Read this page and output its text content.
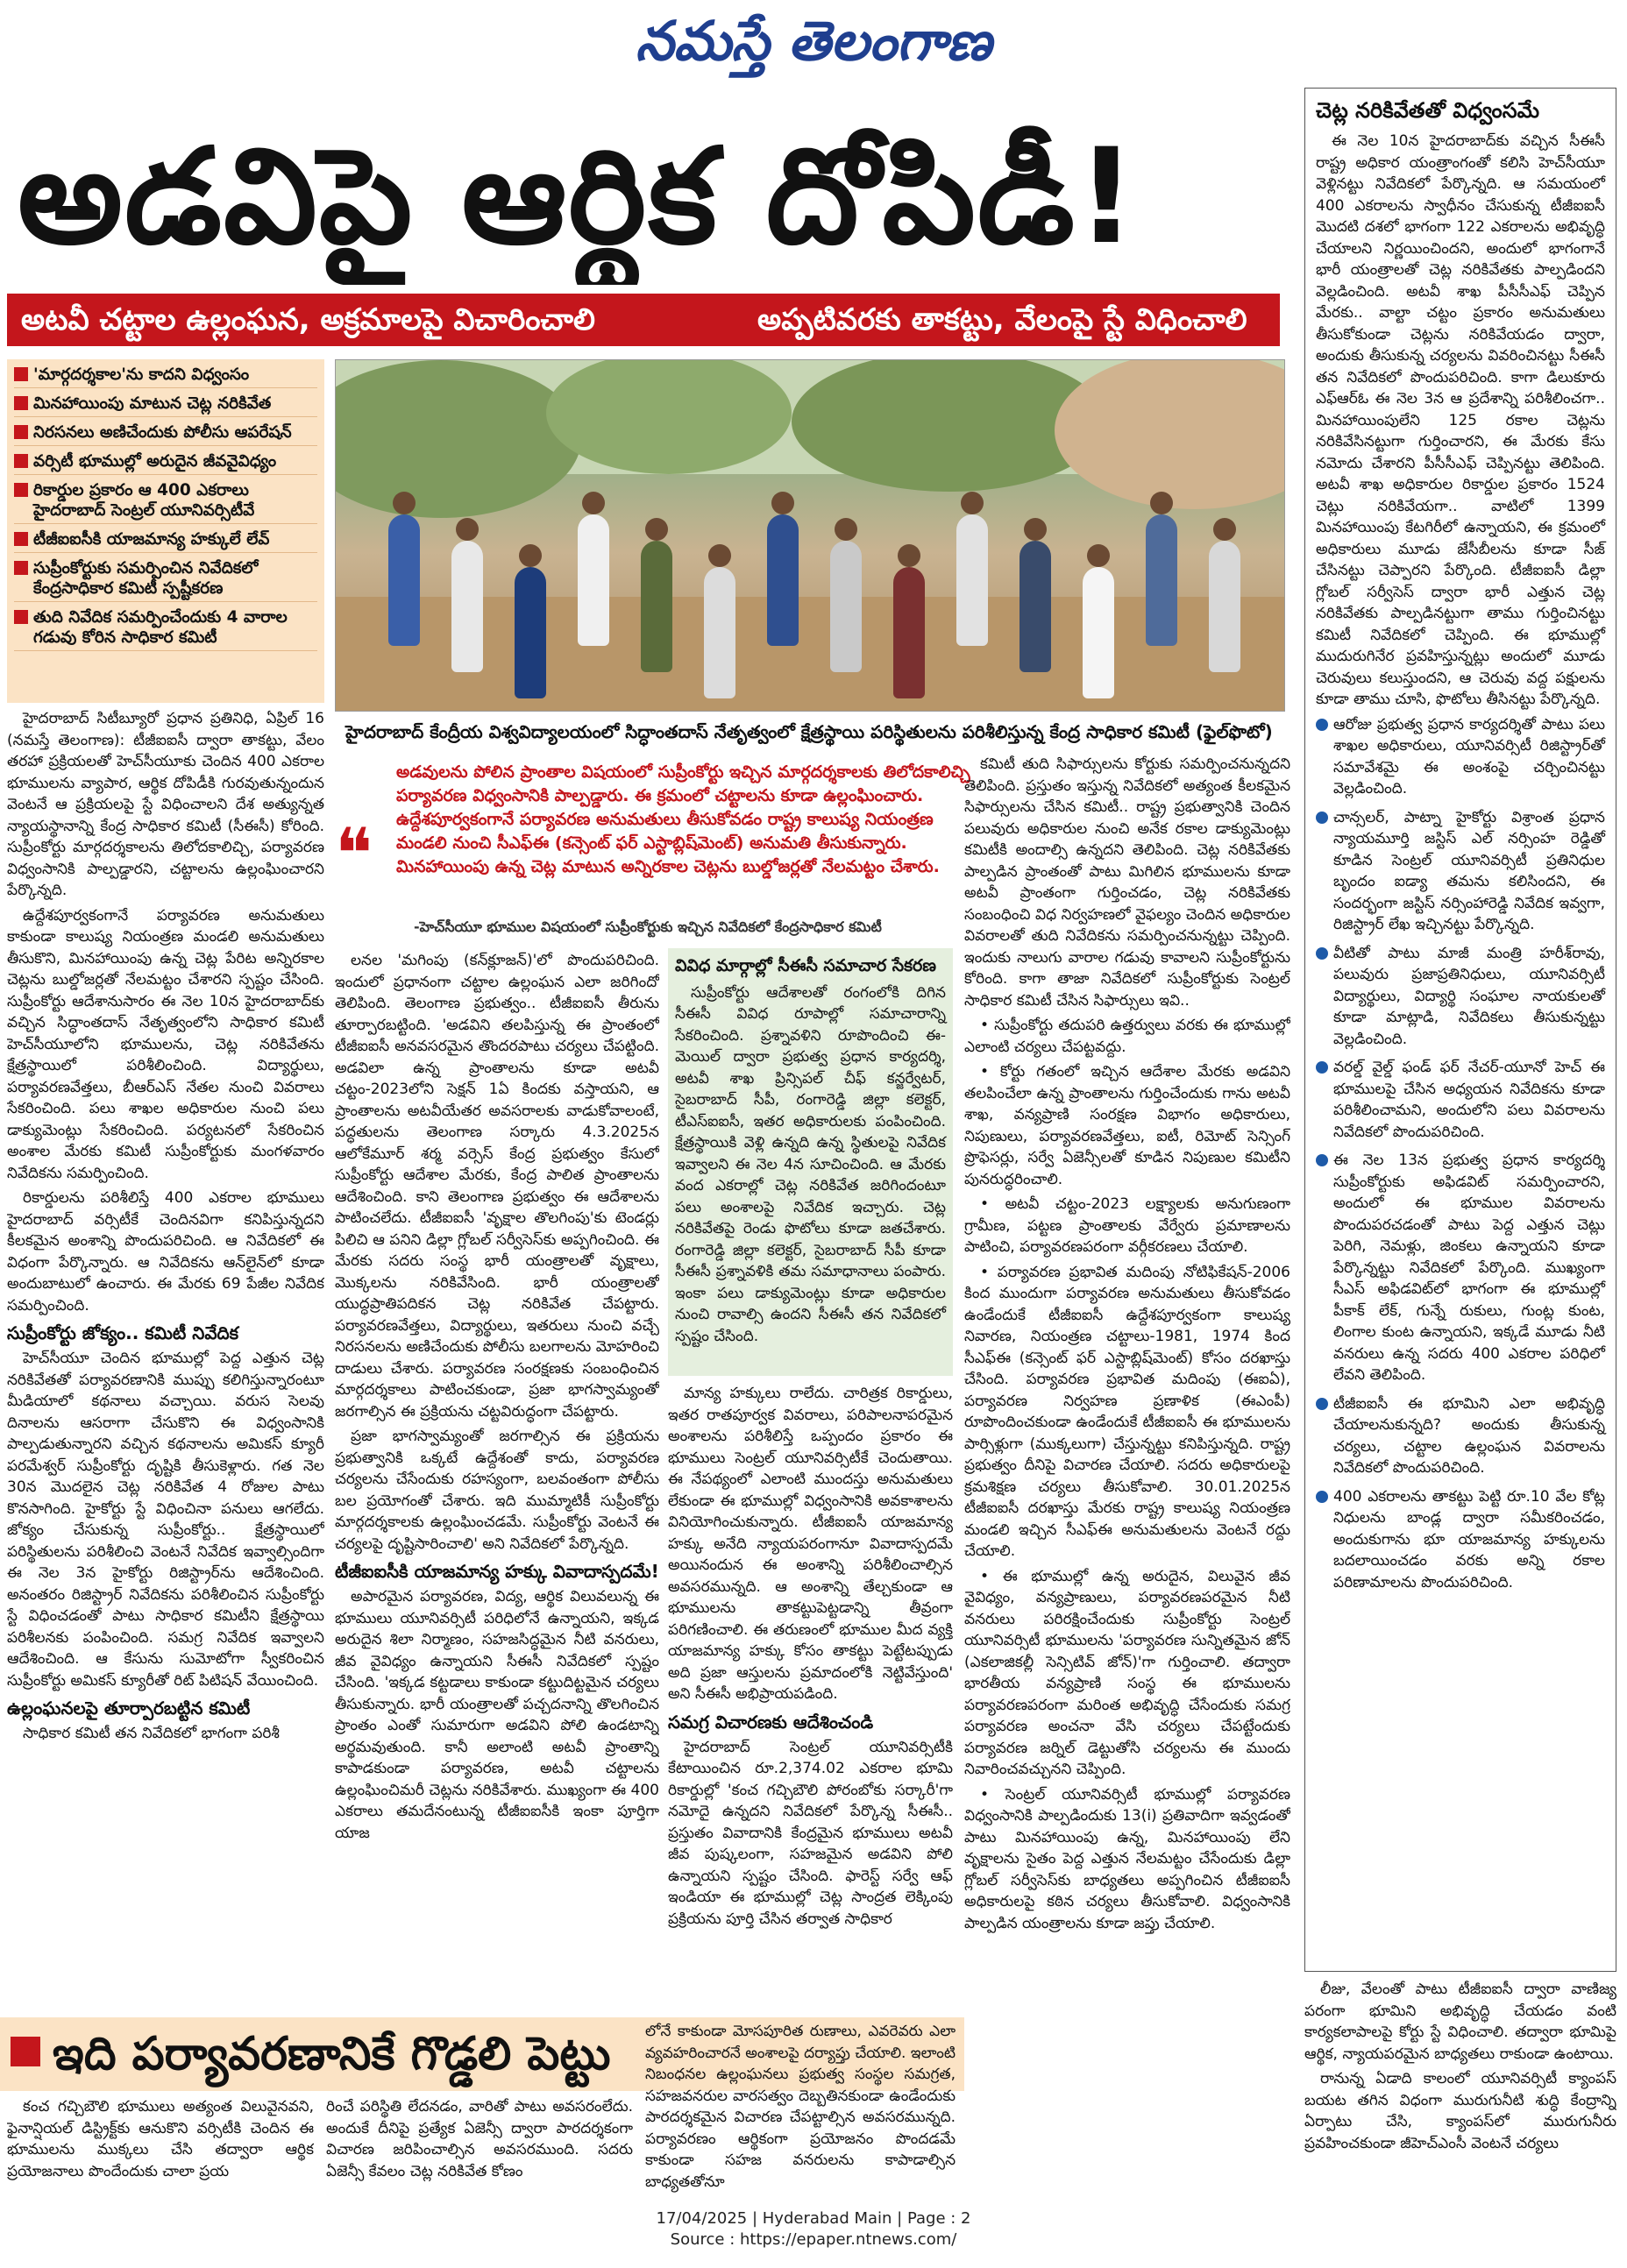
నమస్తే తెలంగాణ
అడవిపై ఆర్థిక దోపిడీ!
అటవీ చట్టాల ఉల్లంఘన, అక్రమాలపై విచారించాలి	అప్పటివరకు తాకట్టు, వేలంపై స్టే విధించాలి
'మార్గదర్శకాల'ను కాదని విధ్వంసం
మినహాయింపు మాటున చెట్ల నరికివేత
నిరసనలు అణిచేందుకు పోలీసు ఆపరేషన్
వర్సిటీ భూముల్లో అరుదైన జీవవైవిధ్యం
రికార్డుల ప్రకారం ఆ 400 ఎకరాలు హైదరాబాద్ సెంట్రల్ యూనివర్సిటీవే
టీజీఐఐసీకి యాజమాన్య హక్కులే లేవ్
సుప్రీంకోర్టుకు సమర్పించిన నివేదికలో కేంద్రసాధికార కమిటీ స్పష్టీకరణ
తుది నివేదిక సమర్పించేందుకు 4 వారాల గడువు కోరిన సాధికార కమిటీ
హైదరాబాద్ కేంద్రీయ విశ్వవిద్యాలయంలో సిద్ధాంతదాస్ నేతృత్వంలో క్షేత్రస్థాయి పరిస్థితులను పరిశీలిస్తున్న కేంద్ర సాధికార కమిటీ (ఫైల్‌ఫొటో)
❝
అడవులను పోలిన ప్రాంతాల విషయంలో సుప్రీంకోర్టు ఇచ్చిన మార్గదర్శకాలకు తిలోదకాలిచ్చి పర్యావరణ విధ్వంసానికి పాల్పడ్డారు. ఈ క్రమంలో చట్టాలను కూడా ఉల్లంఘించారు. ఉద్దేశపూర్వకంగానే పర్యావరణ అనుమతులు తీసుకోవడం రాష్ట్ర కాలుష్య నియంత్రణ మండలి నుంచి సీఎఫ్‌ఈ (కన్సెంట్ ఫర్ ఎస్టాబ్లిష్‌మెంట్) అనుమతి తీసుకున్నారు. మినహాయింపు ఉన్న చెట్ల మాటున అన్నిరకాల చెట్లను బుల్డోజర్లతో నేలమట్టం చేశారు.
-హెచ్‌సీయూ భూముల విషయంలో సుప్రీంకోర్టుకు ఇచ్చిన నివేదికలో కేంద్రసాధికార కమిటీ

హైదరాబాద్ సిటీబ్యూరో ప్రధాన ప్రతినిధి, ఏప్రిల్ 16 (నమస్తే తెలంగాణ): టీజీఐఐసీ ద్వారా తాకట్టు, వేలం తరహా ప్రక్రియలతో హెచ్‌సీయూకు చెందిన 400 ఎకరాల భూములను వ్యాపార, ఆర్థిక దోపిడీకి గురవుతున్నందున వెంటనే ఆ ప్రక్రియలపై స్టే విధించాలని దేశ అత్యున్నత న్యాయస్థానాన్ని కేంద్ర సాధికార కమిటీ (సీఈసీ) కోరింది. సుప్రీంకోర్టు మార్గదర్శకాలను తిలోదకాలిచ్చి, పర్యావరణ విధ్వంసానికి పాల్పడ్డారని, చట్టాలను ఉల్లంఘించారని పేర్కొన్నది.

ఉద్దేశపూర్వకంగానే పర్యావరణ అనుమతులు కాకుండా కాలుష్య నియంత్రణ మండలి అనుమతులు తీసుకొని, మినహాయింపు ఉన్న చెట్ల పేరిట అన్నిరకాల చెట్లను బుల్డోజర్లతో నేలమట్టం చేశారని స్పష్టం చేసింది. సుప్రీంకోర్టు ఆదేశానుసారం ఈ నెల 10న హైదరాబాద్‌కు వచ్చిన సిద్ధాంతదాస్ నేతృత్వంలోని సాధికార కమిటీ హెచ్‌సీయూలోని భూములను, చెట్ల నరికివేతను క్షేత్రస్థాయిలో పరిశీలించింది. విద్యార్థులు, పర్యావరణవేత్తలు, బీఆర్ఎస్ నేతల నుంచి వివరాలు సేకరించింది. పలు శాఖల అధికారుల నుంచి పలు డాక్యుమెంట్లు సేకరించింది. పర్యటనలో సేకరించిన అంశాల మేరకు కమిటీ సుప్రీంకోర్టుకు మంగళవారం నివేదికను సమర్పించింది.

రికార్డులను పరిశీలిస్తే 400 ఎకరాల భూములు హైదరాబాద్ వర్సిటీకే చెందినవిగా కనిపిస్తున్నదని కీలకమైన అంశాన్ని పొందుపరిచింది. ఆ నివేదికలో ఈ విధంగా పేర్కొన్నారు. ఆ నివేదికను ఆన్‌లైన్‌లో కూడా అందుబాటులో ఉంచారు. ఈ మేరకు 69 పేజీల నివేదిక సమర్పించింది.

సుప్రీంకోర్టు జోక్యం.. కమిటీ నివేదిక

హెచ్‌సీయూ చెందిన భూముల్లో పెద్ద ఎత్తున చెట్ల నరికివేతతో పర్యావరణానికి ముప్పు కలిగిస్తున్నారంటూ మీడియాలో కథనాలు వచ్చాయి. వరుస సెలవు దినాలను ఆసరాగా చేసుకొని ఈ విధ్వంసానికి పాల్పడుతున్నారని వచ్చిన కథనాలను అమికస్ క్యూరీ పరమేశ్వర్ సుప్రీంకోర్టు దృష్టికి తీసుకెళ్లారు. గత నెల 30న మొదలైన చెట్ల నరికివేత 4 రోజుల పాటు కొనసాగింది. హైకోర్టు స్టే విధించినా పనులు ఆగలేదు. జోక్యం చేసుకున్న సుప్రీంకోర్టు.. క్షేత్రస్థాయిలో పరిస్థితులను పరిశీలించి వెంటనే నివేదిక ఇవ్వాల్సిందిగా ఈ నెల 3న హైకోర్టు రిజిస్ట్రార్‌ను ఆదేశించింది. అనంతరం రిజిస్ట్రార్ నివేదికను పరిశీలించిన సుప్రీంకోర్టు స్టే విధించడంతో పాటు సాధికార కమిటీని క్షేత్రస్థాయి పరిశీలనకు పంపించింది. సమగ్ర నివేదిక ఇవ్వాలని ఆదేశించింది. ఆ కేసును సుమోటోగా స్వీకరించిన సుప్రీంకోర్టు అమికస్ క్యూరీతో రిట్ పిటిషన్ వేయించింది.

ఉల్లంఘనలపై తూర్పారబట్టిన కమిటీ

సాధికార కమిటీ తన నివేదికలో భాగంగా పరిశీ

లనల 'మగింపు (కన్‌క్లూజన్)'లో పొందుపరిచింది. ఇందులో ప్రధానంగా చట్టాల ఉల్లంఘన ఎలా జరిగిందో తెలిపింది. తెలంగాణ ప్రభుత్వం.. టీజీఐఐసీ తీరును తూర్పారబట్టింది. 'అడవిని తలపిస్తున్న ఈ ప్రాంతంలో టీజీఐఐసీ అనవసరమైన తొందరపాటు చర్యలు చేపట్టింది. అడవిలా ఉన్న ప్రాంతాలను కూడా అటవీ చట్టం-2023లోని సెక్షన్ 1ఏ కిందకు వస్తాయని, ఆ ప్రాంతాలను అటవీయేతర అవసరాలకు వాడుకోవాలంటే, పద్ధతులను తెలంగాణ సర్కారు 4.3.2025న ఆలోకేమూర్ శర్మ వర్సెస్ కేంద్ర ప్రభుత్వం కేసులో సుప్రీంకోర్టు ఆదేశాల మేరకు, కేంద్ర పాలిత ప్రాంతాలను ఆదేశించింది. కాని తెలంగాణ ప్రభుత్వం ఈ ఆదేశాలను పాటించలేదు. టీజీఐఐసీ 'వృక్షాల తొలగింపు'కు టెండర్లు పిలిచి ఆ పనిని డిల్లా గ్లోబల్ సర్వీసెస్‌కు అప్పగించింది. ఈ మేరకు సదరు సంస్థ భారీ యంత్రాలతో వృక్షాలు, మొక్కలను నరికివేసింది. భారీ యంత్రాలతో యుద్ధప్రాతిపదికన చెట్ల నరికివేత చేపట్టారు. పర్యావరణవేత్తలు, విద్యార్థులు, ఇతరులు నుంచి వచ్చే నిరసనలను అణిచేందుకు పోలీసు బలగాలను మోహరించి దాడులు చేశారు. పర్యావరణ సంరక్షణకు సంబంధించిన మార్గదర్శకాలు పాటించకుండా, ప్రజా భాగస్వామ్యంతో జరగాల్సిన ఈ ప్రక్రియను చట్టవిరుద్ధంగా చేపట్టారు.

ప్రజా భాగస్వామ్యంతో జరగాల్సిన ఈ ప్రక్రియను ప్రభుత్వానికి ఒక్కటే ఉద్దేశంతో కాదు, పర్యావరణ చర్యలను చేసేందుకు రహస్యంగా, బలవంతంగా పోలీసు బల ప్రయోగంతో చేశారు. ఇది ముమ్మాటికీ సుప్రీంకోర్టు మార్గదర్శకాలకు ఉల్లంఘించడమే. సుప్రీంకోర్టు వెంటనే ఈ చర్యలపై దృష్టిసారించాలి' అని నివేదికలో పేర్కొన్నది.

టీజీఐఐసీకి యాజమాన్య హక్కు వివాదాస్పదమే!

అపారమైన పర్యావరణ, విద్య, ఆర్థిక విలువలున్న ఈ భూములు యూనివర్సిటీ పరిధిలోనే ఉన్నాయని, ఇక్కడ అరుదైన శిలా నిర్మాణం, సహజసిద్ధమైన నీటి వనరులు, జీవ వైవిధ్యం ఉన్నాయని సీఈసీ నివేదికలో స్పష్టం చేసింది. 'ఇక్కడ కట్టడాలు కాకుండా కట్టుదిట్టమైన చర్యలు తీసుకున్నారు. భారీ యంత్రాలతో పచ్చదనాన్ని తొలగించిన ప్రాంతం ఎంతో సుమారుగా అడవిని పోలి ఉండటాన్ని అర్థమవుతుంది. కానీ అలాంటి అటవీ ప్రాంతాన్ని కాపాడకుండా పర్యావరణ, అటవీ చట్టాలను ఉల్లంఘించిమరీ చెట్లను నరికివేశారు. ముఖ్యంగా ఈ 400 ఎకరాలు తమదేనంటున్న టీజీఐఐసీకి ఇంకా పూర్తిగా యాజ

వివిధ మార్గాల్లో సీఈసీ సమాచార సేకరణ
సుప్రీంకోర్టు ఆదేశాలతో రంగంలోకి దిగిన సీఈసీ వివిధ రూపాల్లో సమాచారాన్ని సేకరించింది. ప్రశ్నావళిని రూపొందించి ఈ-మెయిల్ ద్వారా ప్రభుత్వ ప్రధాన కార్యదర్శి, అటవీ శాఖ ప్రిన్సిపల్ చీఫ్ కన్జర్వేటర్, సైబరాబాద్ సీపీ, రంగారెడ్డి జిల్లా కలెక్టర్, టీఎస్‌ఐఐసీ, ఇతర అధికారులకు పంపించింది. క్షేత్రస్థాయికి వెళ్లి ఉన్నది ఉన్న స్థితులపై నివేదిక ఇవ్వాలని ఈ నెల 4న సూచించింది. ఆ మేరకు వంద ఎకరాల్లో చెట్ల నరికివేత జరిగిందంటూ పలు అంశాలపై నివేదిక ఇచ్చారు. చెట్ల నరికివేతపై రెండు ఫొటోలు కూడా జతచేశారు. రంగారెడ్డి జిల్లా కలెక్టర్, సైబరాబాద్ సీపీ కూడా సీఈసీ ప్రశ్నావళికి తమ సమాధానాలు పంపారు. ఇంకా పలు డాక్యుమెంట్లు కూడా అధికారుల నుంచి రావాల్సి ఉందని సీఈసీ తన నివేదికలో స్పష్టం చేసింది.

మాన్య హక్కులు రాలేదు. చారిత్రక రికార్డులు, ఇతర రాతపూర్వక వివరాలు, పరిపాలనాపరమైన అంశాలను పరిశీలిస్తే ఒప్పందం ప్రకారం ఈ భూములు సెంట్రల్ యూనివర్సిటీకే చెందుతాయి. ఈ నేపథ్యంలో ఎలాంటి ముందస్తు అనుమతులు లేకుండా ఈ భూముల్లో విధ్వంసానికి అవకాశాలను వినియోగించుకున్నారు. టీజీఐఐసీ యాజమాన్య హక్కు అనేది న్యాయపరంగానూ వివాదాస్పదమే అయినందున ఈ అంశాన్ని పరిశీలించాల్సిన అవసరమున్నది. ఆ అంశాన్ని తేల్చకుండా ఆ భూములను తాకట్టుపెట్టడాన్ని తీవ్రంగా పరిగణించాలి. ఈ తరుణంలో భూముల మీద వ్యక్తి యాజమాన్య హక్కు కోసం తాకట్టు పెట్టేటప్పుడు అది ప్రజా ఆస్తులను ప్రమాదంలోకి నెట్టివేస్తుంది' అని సీఈసీ అభిప్రాయపడింది.

సమగ్ర విచారణకు ఆదేశించండి

హైదరాబాద్ సెంట్రల్ యూనివర్సిటీకి కేటాయించిన రూ.2,374.02 ఎకరాల భూమి రికార్డుల్లో 'కంచ గచ్చిబౌలి పోరంబోకు సర్కారీ'గా నమోదై ఉన్నదని నివేదికలో పేర్కొన్న సీఈసీ.. ప్రస్తుతం వివాదానికి కేంద్రమైన భూములు అటవీ జీవ పుష్కలంగా, సహజమైన అడవిని పోలి ఉన్నాయని స్పష్టం చేసింది. ఫారెస్ట్ సర్వే ఆఫ్ ఇండియా ఈ భూముల్లో చెట్ల సాంద్రత లెక్కింపు ప్రక్రియను పూర్తి చేసిన తర్వాత సాధికార

కమిటీ తుది సిఫార్సులను కోర్టుకు సమర్పించనున్నదని తెలిపింది. ప్రస్తుతం ఇస్తున్న నివేదికలో అత్యంత కీలకమైన సిఫార్సులను చేసిన కమిటీ.. రాష్ట్ర ప్రభుత్వానికి చెందిన పలువురు అధికారుల నుంచి అనేక రకాల డాక్యుమెంట్లు కమిటీకి అందాల్సి ఉన్నదని తెలిపింది. చెట్ల నరికివేతకు పాల్పడిన ప్రాంతంతో పాటు మిగిలిన భూములను కూడా అటవీ ప్రాంతంగా గుర్తించడం, చెట్ల నరికివేతకు సంబంధించి విధ నిర్వహణలో వైఫల్యం చెందిన అధికారుల వివరాలతో తుది నివేదికను సమర్పించనున్నట్టు చెప్పింది. ఇందుకు నాలుగు వారాల గడువు కావాలని సుప్రీంకోర్టును కోరింది. కాగా తాజా నివేదికలో సుప్రీంకోర్టుకు సెంట్రల్ సాధికార కమిటీ చేసిన సిఫార్సులు ఇవి..

• సుప్రీంకోర్టు తదుపరి ఉత్తర్వులు వరకు ఈ భూముల్లో ఎలాంటి చర్యలు చేపట్టవద్దు.

• కోర్టు గతంలో ఇచ్చిన ఆదేశాల మేరకు అడవిని తలపించేలా ఉన్న ప్రాంతాలను గుర్తించేందుకు గాను అటవీ శాఖ, వన్యప్రాణి సంరక్షణ విభాగం అధికారులు, నిపుణులు, పర్యావరణవేత్తలు, ఐటీ, రిమోట్ సెన్సింగ్ ప్రొఫెసర్లు, సర్వే ఏజెన్సీలతో కూడిన నిపుణుల కమిటీని పునరుద్ధరించాలి.

• అటవీ చట్టం-2023 లక్ష్యాలకు అనుగుణంగా గ్రామీణ, పట్టణ ప్రాంతాలకు వేర్వేరు ప్రమాణాలను పాటించి, పర్యావరణపరంగా వర్గీకరణలు చేయాలి.

• పర్యావరణ ప్రభావిత మదింపు నోటిఫికేషన్-2006 కింద ముందుగా పర్యావరణ అనుమతులు తీసుకోవడం ఉండేందుకే టీజీఐఐసీ ఉద్దేశపూర్వకంగా కాలుష్య నివారణ, నియంత్రణ చట్టాలు-1981, 1974 కింద సీఎఫ్‌ఈ (కన్సెంట్ ఫర్ ఎస్టాబ్లిష్‌మెంట్) కోసం దరఖాస్తు చేసింది. పర్యావరణ ప్రభావిత మదింపు (ఈఐఏ), పర్యావరణ నిర్వహణ ప్రణాళిక (ఈఎంపీ) రూపొందించకుండా ఉండేందుకే టీజీఐఐసీ ఈ భూములను పార్సిళ్లుగా (ముక్కలుగా) చేస్తున్నట్టు కనిపిస్తున్నది. రాష్ట్ర ప్రభుత్వం దీనిపై విచారణ చేయాలి. సదరు అధికారులపై క్రమశిక్షణ చర్యలు తీసుకోవాలి. 30.01.2025న టీజీఐఐసీ దరఖాస్తు మేరకు రాష్ట్ర కాలుష్య నియంత్రణ మండలి ఇచ్చిన సీఎఫ్‌ఈ అనుమతులను వెంటనే రద్దు చేయాలి.

• ఈ భూముల్లో ఉన్న అరుదైన, విలువైన జీవ వైవిధ్యం, వన్యప్రాణులు, పర్యావరణపరమైన నీటి వనరులు పరిరక్షించేందుకు సుప్రీంకోర్టు సెంట్రల్ యూనివర్సిటీ భూములను 'పర్యావరణ సున్నితమైన జోన్ (ఎకలాజికల్లీ సెన్సిటివ్ జోన్)'గా గుర్తించాలి. తద్వారా భారతీయ వన్యప్రాణి సంస్థ ఈ భూములను పర్యావరణపరంగా మరింత అభివృద్ధి చేసేందుకు సమగ్ర పర్యావరణ అంచనా వేసి చర్యలు చేపట్టేందుకు పర్యావరణ జర్నిల్ డెట్టుతోసి చర్యలను ఈ ముందు నివారించవచ్చునని చెప్పింది.

• సెంట్రల్ యూనివర్సిటీ భూముల్లో పర్యావరణ విధ్వంసానికి పాల్పడిందుకు 13(i) ప్రతివాదిగా ఇవ్వడంతో పాటు మినహాయింపు ఉన్న, మినహాయింపు లేని వృక్షాలను సైతం పెద్ద ఎత్తున నేలమట్టం చేసేందుకు డిల్లా గ్లోబల్ సర్వీసెస్‌కు బాధ్యతలు అప్పగించిన టీజీఐఐసీ అధికారులపై కఠిన చర్యలు తీసుకోవాలి. విధ్వంసానికి పాల్పడిన యంత్రాలను కూడా జప్తు చేయాలి.

చెట్ల నరికివేతతో విధ్వంసమే

ఈ నెల 10న హైదరాబాద్‌కు వచ్చిన సీఈసీ రాష్ట్ర అధికార యంత్రాంగంతో కలిసి హెచ్‌సీయూ వెళ్లినట్టు నివేదికలో పేర్కొన్నది. ఆ సమయంలో 400 ఎకరాలను స్వాధీనం చేసుకున్న టీజీఐఐసీ మొదటి దశలో భాగంగా 122 ఎకరాలను అభివృద్ధి చేయాలని నిర్ణయించిందని, అందులో భాగంగానే భారీ యంత్రాలతో చెట్ల నరికివేతకు పాల్పడిందని వెల్లడించింది. అటవీ శాఖ పీసీసీఎఫ్ చెప్పిన మేరకు.. వాల్టా చట్టం ప్రకారం అనుమతులు తీసుకోకుండా చెట్లను నరికివేయడం ద్వారా, అందుకు తీసుకున్న చర్యలను వివరించినట్టు సీఈసీ తన నివేదికలో పొందుపరిచింది. కాగా డిలుకూరు ఎఫ్‌ఆర్‌ఓ ఈ నెల 3న ఆ ప్రదేశాన్ని పరిశీలించగా.. మినహాయింపులేని 125 రకాల చెట్లను నరికివేసినట్టుగా గుర్తించారని, ఈ మేరకు కేసు నమోదు చేశారని పీసీసీఎఫ్ చెప్పినట్టు తెలిపింది. అటవీ శాఖ అధికారుల రికార్డుల ప్రకారం 1524 చెట్లు నరికివేయగా.. వాటిలో 1399 మినహాయింపు కేటగిరీలో ఉన్నాయని, ఈ క్రమంలో అధికారులు మూడు జేసీబీలను కూడా సీజ్ చేసినట్టు చెప్పారని పేర్కొంది. టీజీఐఐసీ డిల్లా గ్లోబల్ సర్వీసెస్ ద్వారా భారీ ఎత్తున చెట్ల నరికివేతకు పాల్పడినట్టుగా తాము గుర్తించినట్టు కమిటీ నివేదికలో చెప్పింది. ఈ భూముల్లో ముదురుగినేర ప్రవహిస్తున్నట్లు అందులో మూడు చెరువులు కలుస్తుందని, ఆ చెరువు వద్ద పక్షులను కూడా తాము చూసి, ఫొటోలు తీసినట్టు పేర్కొన్నది.

ఆరోజు ప్రభుత్వ ప్రధాన కార్యదర్శితో పాటు పలు శాఖల అధికారులు, యూనివర్సిటీ రిజిస్ట్రార్‌తో సమావేశమై ఈ అంశంపై చర్చించినట్టు వెల్లడించింది.
చాన్సలర్, పాట్నా హైకోర్టు విశ్రాంత ప్రధాన న్యాయమూర్తి జస్టిస్ ఎల్ నర్సింహ రెడ్డితో కూడిన సెంట్రల్ యూనివర్సిటీ ప్రతినిధుల బృందం ఐడ్యా తమను కలిసిందని, ఈ సందర్భంగా జస్టిస్ నర్సింహారెడ్డి నివేదిక ఇవ్వగా, రిజిస్ట్రార్ లేఖ ఇచ్చినట్టు పేర్కొన్నది.
వీటితో పాటు మాజీ మంత్రి హరీశ్‌రావు, పలువురు ప్రజాప్రతినిధులు, యూనివర్సిటీ విద్యార్థులు, విద్యార్థి సంఘాల నాయకులతో కూడా మాట్లాడి, నివేదికలు తీసుకున్నట్టు వెల్లడించింది.
వరల్డ్ వైల్డ్ ఫండ్ ఫర్ నేచర్-యూనో హెచ్ ఈ భూములపై చేసిన అధ్యయన నివేదికను కూడా పరిశీలించామని, అందులోని పలు వివరాలను నివేదికలో పొందుపరిచింది.
ఈ నెల 13న ప్రభుత్వ ప్రధాన కార్యదర్శి సుప్రీంకోర్టుకు అఫిడవిట్ సమర్పించారని, అందులో ఈ భూముల వివరాలను పొందుపరచడంతో పాటు పెద్ద ఎత్తున చెట్లు పెరిగి, నెమళ్లు, జింకలు ఉన్నాయని కూడా పేర్కొన్నట్టు నివేదికలో పేర్కొంది. ముఖ్యంగా సీఎస్ అఫిడవిట్‌లో భాగంగా ఈ భూముల్లో పీకాక్ లేక్, గున్నే రుకులు, గుంట్ల కుంట, లింగాల కుంట ఉన్నాయని, ఇక్కడే మూడు నీటి వనరులు ఉన్న సదరు 400 ఎకరాల పరిధిలో లేవని తెలిపింది.
టీజీఐఐసీ ఈ భూమిని ఎలా అభివృద్ధి చేయాలనుకున్నది? అందుకు తీసుకున్న చర్యలు, చట్టాల ఉల్లంఘన వివరాలను నివేదికలో పొందుపరిచింది.
400 ఎకరాలను తాకట్టు పెట్టి రూ.10 వేల కోట్ల నిధులను బాండ్ల ద్వారా సమీకరించడం, అందుకుగాను భూ యాజమాన్య హక్కులను బదలాయించడం వరకు అన్ని రకాల పరిణామాలను పొందుపరిచింది.

లీజు, వేలంతో పాటు టీజీఐఐసీ ద్వారా వాణిజ్య పరంగా భూమిని అభివృద్ధి చేయడం వంటి కార్యకలాపాలపై కోర్టు స్టే విధించాలి. తద్వారా భూమిపై ఆర్థిక, న్యాయపరమైన బాధ్యతలు రాకుండా ఉంటాయి.

రానున్న ఏడాది కాలంలో యూనివర్సిటీ క్యాంపస్ బయట తగిన విధంగా మురుగునీటి శుద్ధి కేంద్రాన్ని ఏర్పాటు చేసి, క్యాంపస్‌లో మురుగునీరు ప్రవహించకుండా జీహెచ్ఎంసీ వెంటనే చర్యలు

ఇది పర్యావరణానికే గొడ్డలి పెట్టు
కంచ గచ్చిబౌలి భూములు అత్యంత విలువైనవని, ఫైనాన్షియల్ డిస్ట్రిక్ట్‌కు ఆనుకొని వర్సిటీకి చెందిన ఈ భూములను ముక్కలు చేసి తద్వారా ఆర్థిక ప్రయోజనాలు పొందేందుకు చాలా ప్రయ
రించే పరిస్థితి లేదనడం, వారితో పాటు అవసరంలేదు. అందుకే దీనిపై ప్రత్యేక ఏజెన్సీ ద్వారా పారదర్శకంగా విచారణ జరిపించాల్సిన అవసరముంది. సదరు ఏజెన్సీ కేవలం చెట్ల నరికివేత కోణం
లోనే కాకుండా మోసపూరిత రుణాలు, ఎవరెవరు ఎలా వ్యవహరించారనే అంశాలపై దర్యాప్తు చేయాలి. ఇలాంటి నిబంధనల ఉల్లంఘనలు ప్రభుత్వ సంస్థల సమగ్రత, సహజవనరుల వారసత్వం దెబ్బతినకుండా ఉండేందుకు పారదర్శకమైన విచారణ చేపట్టాల్సిన అవసరమున్నది. పర్యావరణం ఆర్థికంగా ప్రయోజనం పొందడమే కాకుండా సహజ వనరులను కాపాడాల్సిన బాధ్యతతోనూ
17/04/2025 | Hyderabad Main | Page : 2
Source : https://epaper.ntnews.com/
